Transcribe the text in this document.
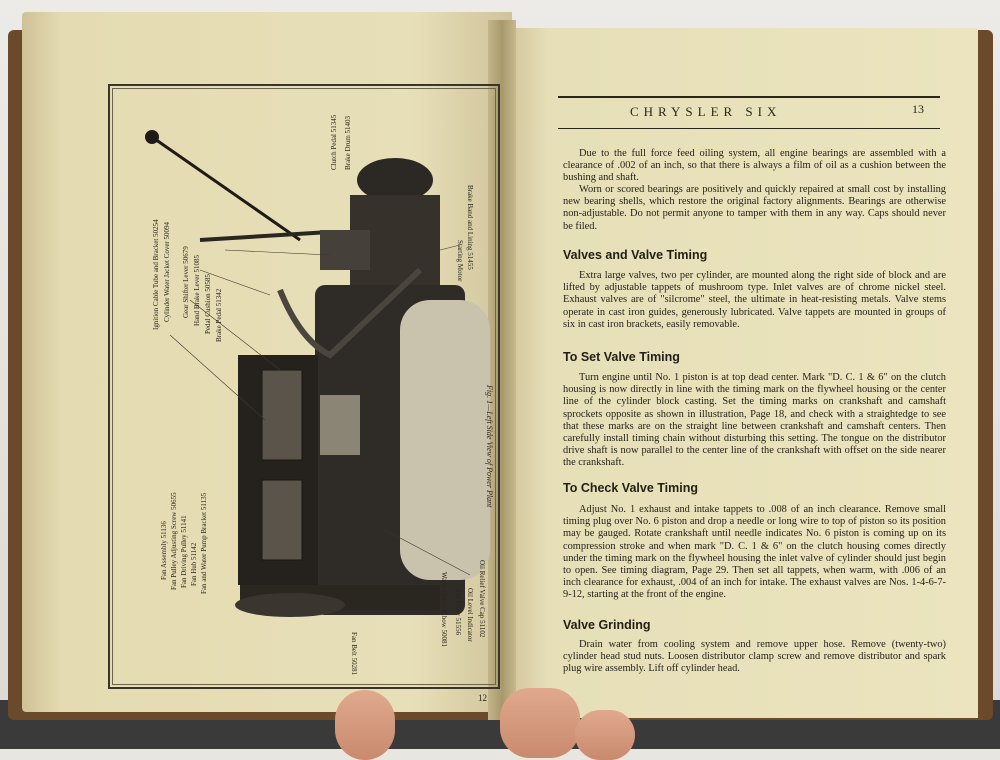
Clutch Pedal 51345 Brake Drum 51403
Ignition Cable Tube and Bracket 50254 Cylinder Water Jacket Cover 50094 Gear Shifter Lever 50679 Hand Brake Lever 51085 Pedal Cushion 50585 Brake Pedal 51342
Fan Assembly 51136 Fan Pulley Adjusting Screw 50655 Fan Driving Pulley 51141 Fan Hub 51142 Fan and Water Pump Bracket 51135
Brake Band and Lining 51455
Starting Motor
Fig. 1—Left Side View of Power Plant
Water Outlet Elbow 50081 Oil Filler 51556 Oil Level Indicator Oil Relief Valve Cap 51102
Fan Belt 50281
12
CHRYSLER SIX	13

Due to the full force feed oiling system, all engine bearings are assembled with a clearance of .002 of an inch, so that there is always a film of oil as a cushion between the bushing and shaft.

Worn or scored bearings are positively and quickly repaired at small cost by installing new bearing shells, which restore the original factory alignments. Bearings are otherwise non-adjustable. Do not permit anyone to tamper with them in any way. Caps should never be filed.

Valves and Valve Timing

Extra large valves, two per cylinder, are mounted along the right side of block and are lifted by adjustable tappets of mushroom type. Inlet valves are of chrome nickel steel. Exhaust valves are of "silcrome" steel, the ultimate in heat-resisting metals. Valve stems operate in cast iron guides, generously lubricated. Valve tappets are mounted in groups of six in cast iron brackets, easily removable.

To Set Valve Timing

Turn engine until No. 1 piston is at top dead center. Mark "D. C. 1 & 6" on the clutch housing is now directly in line with the timing mark on the flywheel housing or the center line of the cylinder block casting. Set the timing marks on crankshaft and camshaft sprockets opposite as shown in illustration, Page 18, and check with a straightedge to see that these marks are on the straight line between crankshaft and camshaft centers. Then carefully install timing chain without disturbing this setting. The tongue on the distributor drive shaft is now parallel to the center line of the crankshaft with offset on the side nearer the crankshaft.

To Check Valve Timing

Adjust No. 1 exhaust and intake tappets to .008 of an inch clearance. Remove small timing plug over No. 6 piston and drop a needle or long wire to top of piston so its position may be gauged. Rotate crankshaft until needle indicates No. 6 piston is coming up on its compression stroke and when mark "D. C. 1 & 6" on the clutch housing comes directly under the timing mark on the flywheel housing the inlet valve of cylinder should just begin to open. See timing diagram, Page 29. Then set all tappets, when warm, with .006 of an inch clearance for exhaust, .004 of an inch for intake. The exhaust valves are Nos. 1-4-6-7-9-12, starting at the front of the engine.

Valve Grinding

Drain water from cooling system and remove upper hose. Remove (twenty-two) cylinder head stud nuts. Loosen distributor clamp screw and remove distributor and spark plug wire assembly. Lift off cylinder head.
